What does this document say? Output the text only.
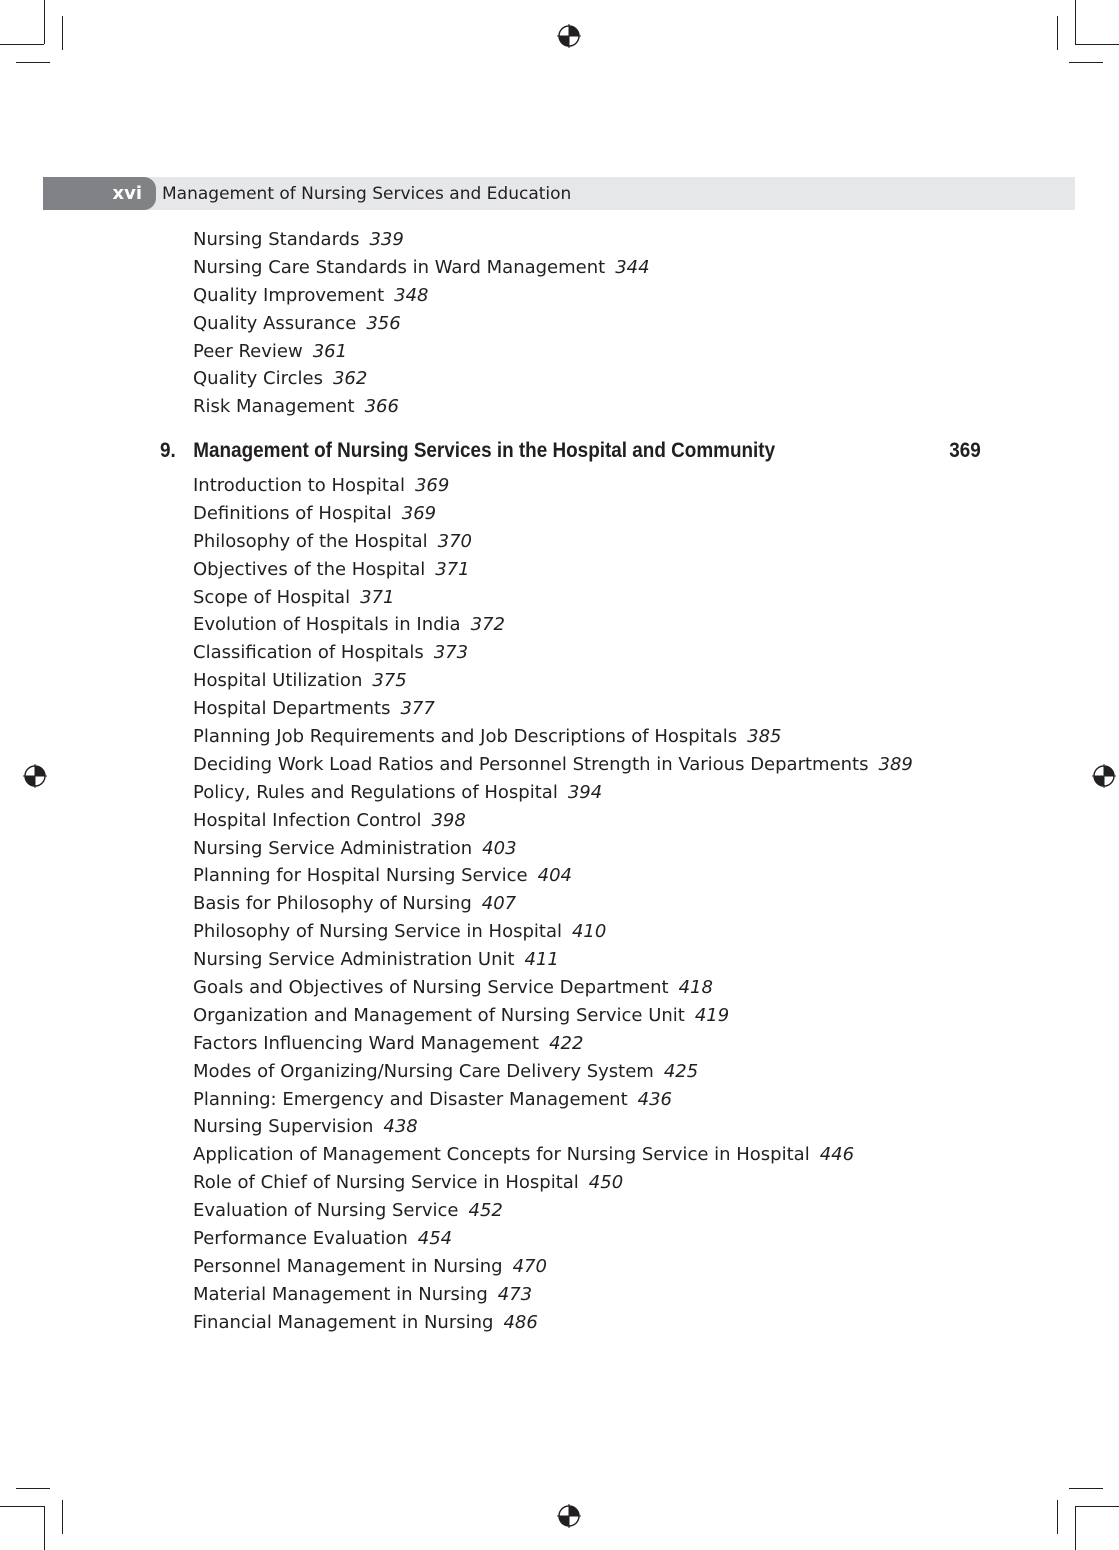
xvi Management of Nursing Services and Education
Nursing Standards 339
Nursing Care Standards in Ward Management 344
Quality Improvement 348
Quality Assurance 356
Peer Review 361
Quality Circles 362
Risk Management 366
9. Management of Nursing Services in the Hospital and Community	369
Introduction to Hospital 369
Definitions of Hospital 369
Philosophy of the Hospital 370
Objectives of the Hospital 371
Scope of Hospital 371
Evolution of Hospitals in India 372
Classification of Hospitals 373
Hospital Utilization 375
Hospital Departments 377
Planning Job Requirements and Job Descriptions of Hospitals 385
Deciding Work Load Ratios and Personnel Strength in Various Departments 389
Policy, Rules and Regulations of Hospital 394
Hospital Infection Control 398
Nursing Service Administration 403
Planning for Hospital Nursing Service 404
Basis for Philosophy of Nursing 407
Philosophy of Nursing Service in Hospital 410
Nursing Service Administration Unit 411
Goals and Objectives of Nursing Service Department 418
Organization and Management of Nursing Service Unit 419
Factors Influencing Ward Management 422
Modes of Organizing/Nursing Care Delivery System 425
Planning: Emergency and Disaster Management 436
Nursing Supervision 438
Application of Management Concepts for Nursing Service in Hospital 446
Role of Chief of Nursing Service in Hospital 450
Evaluation of Nursing Service 452
Performance Evaluation 454
Personnel Management in Nursing 470
Material Management in Nursing 473
Financial Management in Nursing 486
